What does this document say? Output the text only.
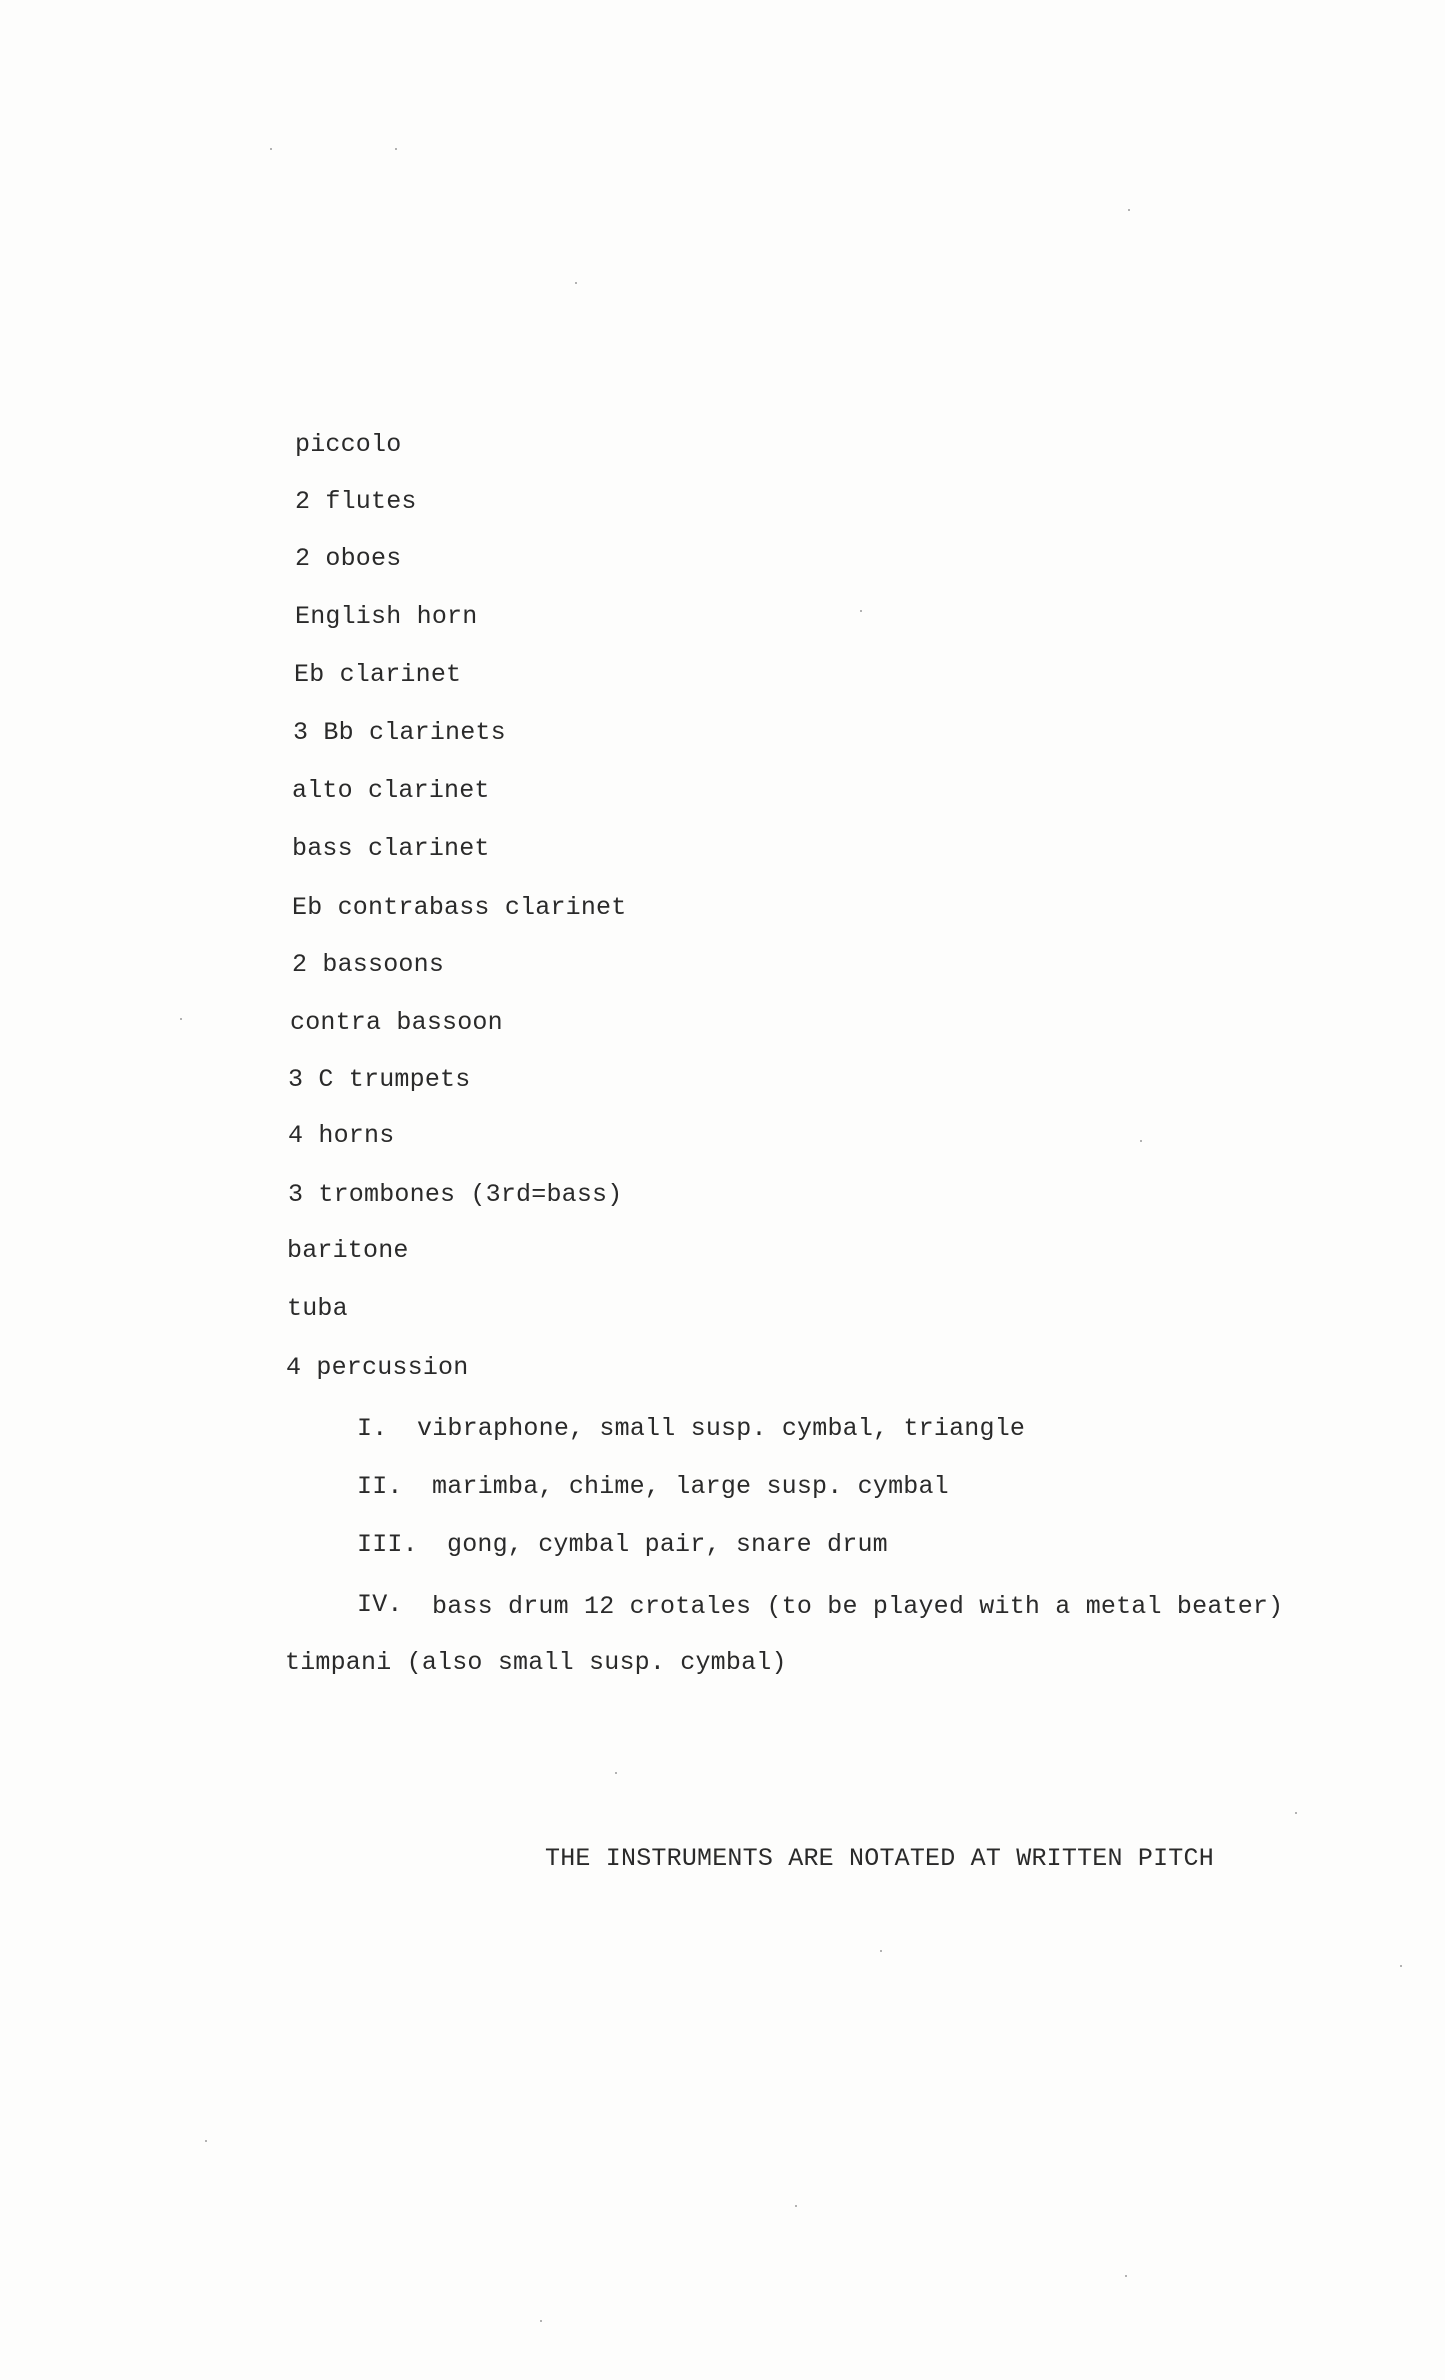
piccolo
2 flutes
2 oboes
English horn
Eb clarinet
3 Bb clarinets
alto clarinet
bass clarinet
Eb contrabass clarinet
2 bassoons
contra bassoon
3 C trumpets
4 horns
3 trombones (3rd=bass)
baritone
tuba
4 percussion
I. vibraphone, small susp. cymbal, triangle
II. marimba, chime, large susp. cymbal
III. gong, cymbal pair, snare drum
IV. bass drum 12 crotales (to be played with a metal beater)
timpani (also small susp. cymbal)
THE INSTRUMENTS ARE NOTATED AT WRITTEN PITCH
